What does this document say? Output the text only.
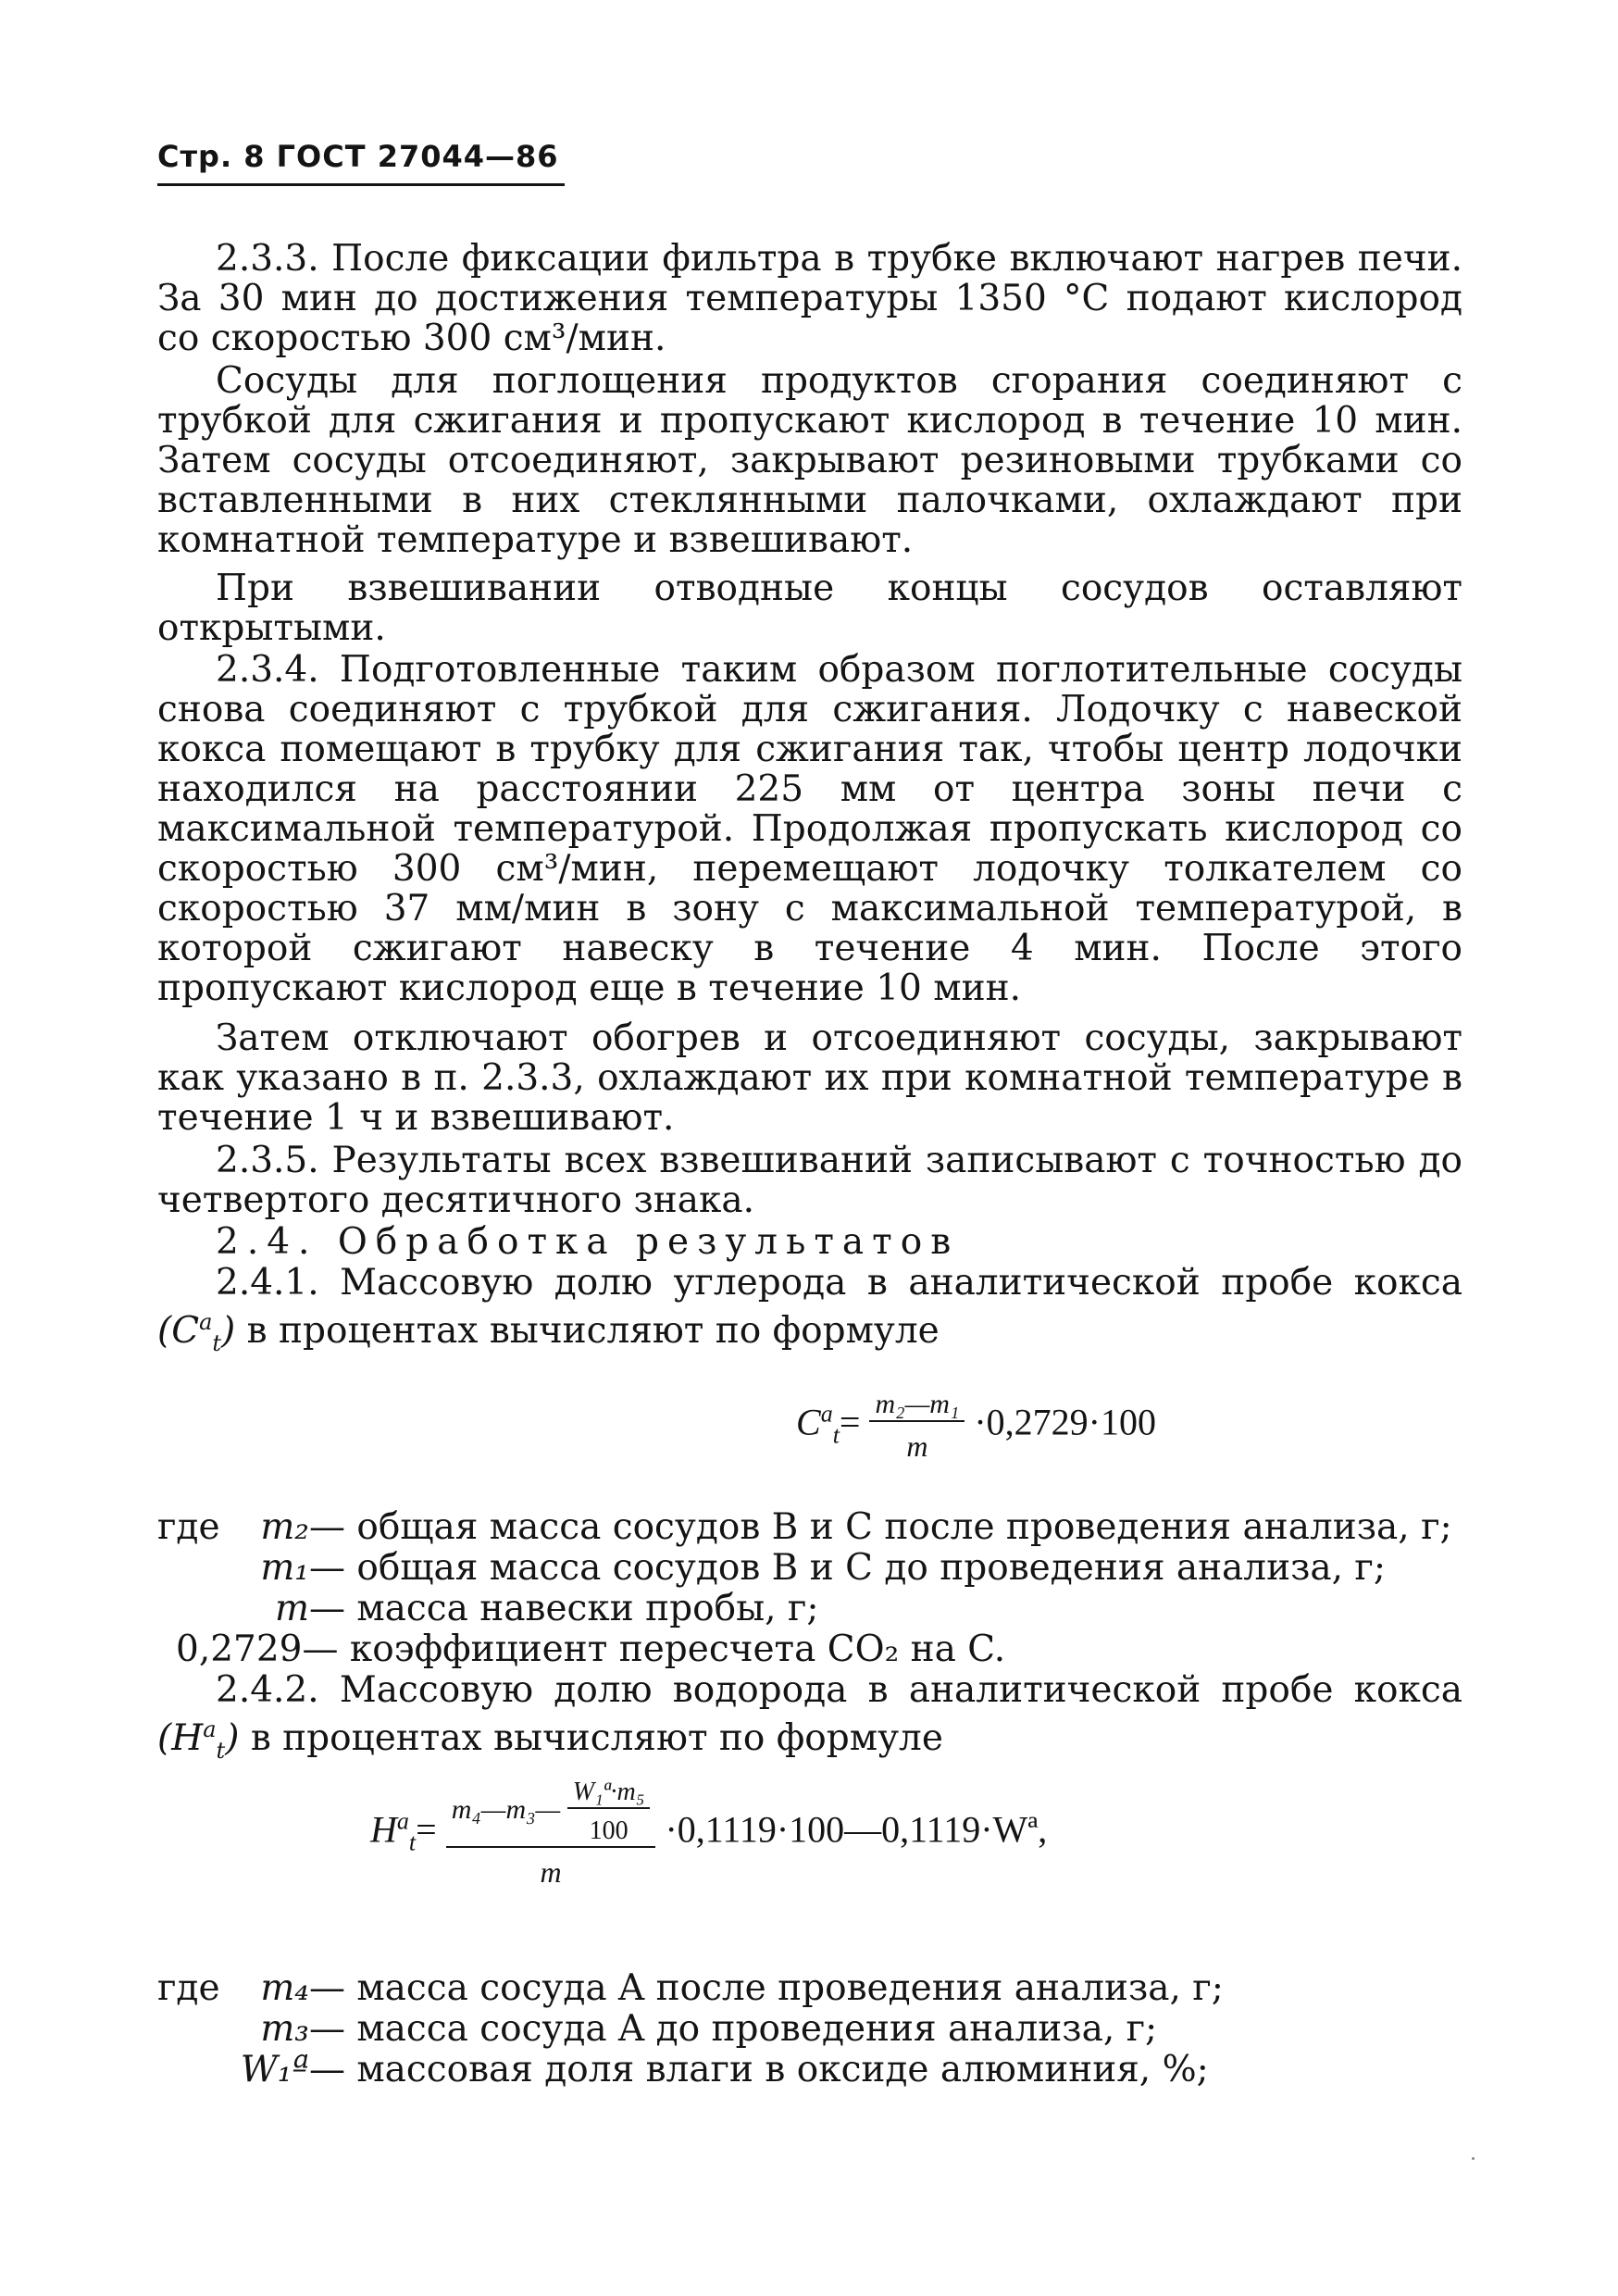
Стр. 8 ГОСТ 27044—86

2.3.3. После фиксации фильтра в трубке включают нагрев печи. За 30 мин до достижения температуры 1350 °С подают кислород со скоростью 300 см³/мин.

Сосуды для поглощения продуктов сгорания соединяют с трубкой для сжигания и пропускают кислород в течение 10 мин. Затем сосуды отсоединяют, закрывают резиновыми трубками со вставленными в них стеклянными палочками, охлаждают при комнатной температуре и взвешивают.

При взвешивании отводные концы сосудов оставляют открытыми.

2.3.4. Подготовленные таким образом поглотительные сосуды снова соединяют с трубкой для сжигания. Лодочку с навеской кокса помещают в трубку для сжигания так, чтобы центр лодочки находился на расстоянии 225 мм от центра зоны печи с максимальной температурой. Продолжая пропускать кислород со скоростью 300 см³/мин, перемещают лодочку толкателем со скоростью 37 мм/мин в зону с максимальной температурой, в которой сжигают навеску в течение 4 мин. После этого пропускают кислород еще в течение 10 мин.

Затем отключают обогрев и отсоединяют сосуды, закрывают как указано в п. 2.3.3, охлаждают их при комнатной температуре в течение 1 ч и взвешивают.

2.3.5. Результаты всех взвешиваний записывают с точностью до четвертого десятичного знака.

2.4. Обработка результатов

2.4.1. Массовую долю углерода в аналитической пробе кокса $(C^a_t)$ в процентах вычисляют по формуле

$C^a_t= \frac{\text{m₂—m₁}}{m} \cdot 0,2729\cdot 100$
где m₂— общая масса сосудов B и C после проведения анализа, г;
m₁— общая масса сосудов B и C до проведения анализа, г;
m— масса навески пробы, г;
0,2729— коэффициент пересчета CO₂ на C.

2.4.2. Массовую долю водорода в аналитической пробе кокса $(H^a_t)$ в процентах вычисляют по формуле

$H^a_t= \frac{m_4—m_3— \frac{\text{W₁ª·m₅}}{100}}{m}$ ·0,1119·100—0,1119·Wª,
где m₄— масса сосуда A после проведения анализа, г;
m₃— масса сосуда A до проведения анализа, г;
W₁ª— массовая доля влаги в оксиде алюминия, %;
